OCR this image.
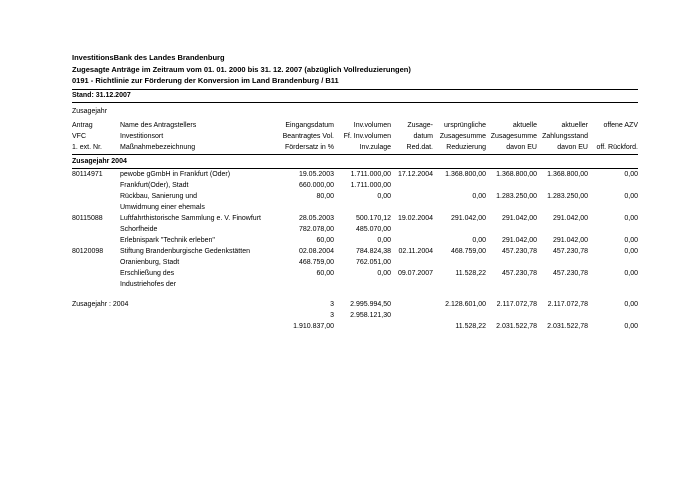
InvestitionsBank des Landes Brandenburg
Zugesagte Anträge im Zeitraum vom 01. 01. 2000 bis 31. 12. 2007 (abzüglich Vollreduzierungen)
0191 - Richtlinie zur Förderung der Konversion im Land Brandenburg / B11
Stand: 31.12.2007
Zusagejahr
Antrag	Name des Antragstellers	Eingangsdatum	Inv.volumen	Zusage-	ursprüngliche	aktuelle	aktueller	offene AZV
VFC	Investitionsort	Beantragtes Vol.	Ff. Inv.volumen	datum	Zusagesumme	Zusagesumme	Zahlungsstand	
1. ext. Nr.	Maßnahmebezeichnung	Fördersatz in %	Inv.zulage	Red.dat.	Reduzierung	davon EU	davon EU	off. Rückford.
Zusagejahr 2004								
80114971	pewobe gGmbH in Frankfurt (Oder)	19.05.2003	1.711.000,00	17.12.2004	1.368.800,00	1.368.800,00	1.368.800,00	0,00
	Frankfurt(Oder), Stadt	660.000,00	1.711.000,00					
	Rückbau, Sanierung und	80,00	0,00		0,00	1.283.250,00	1.283.250,00	0,00
	Umwidmung einer ehemals							
80115088	Luftfahrthistorische Sammlung e. V. Finowfurt	28.05.2003	500.170,12	19.02.2004	291.042,00	291.042,00	291.042,00	0,00
	Schorfheide	782.078,00	485.070,00					
	Erlebnispark "Technik erleben"	60,00	0,00		0,00	291.042,00	291.042,00	0,00
80120098	Stiftung Brandenburgische Gedenkstätten	02.08.2004	784.824,38	02.11.2004	468.759,00	457.230,78	457.230,78	0,00
	Oranienburg, Stadt	468.759,00	762.051,00					
	Erschließung des	60,00	0,00	09.07.2007	11.528,22	457.230,78	457.230,78	0,00
	Industriehofes der							

Zusagejahr : 2004		3	2.995.994,50		2.128.601,00	2.117.072,78	2.117.072,78	0,00
		3	2.958.121,30					
		1.910.837,00			11.528,22	2.031.522,78	2.031.522,78	0,00
